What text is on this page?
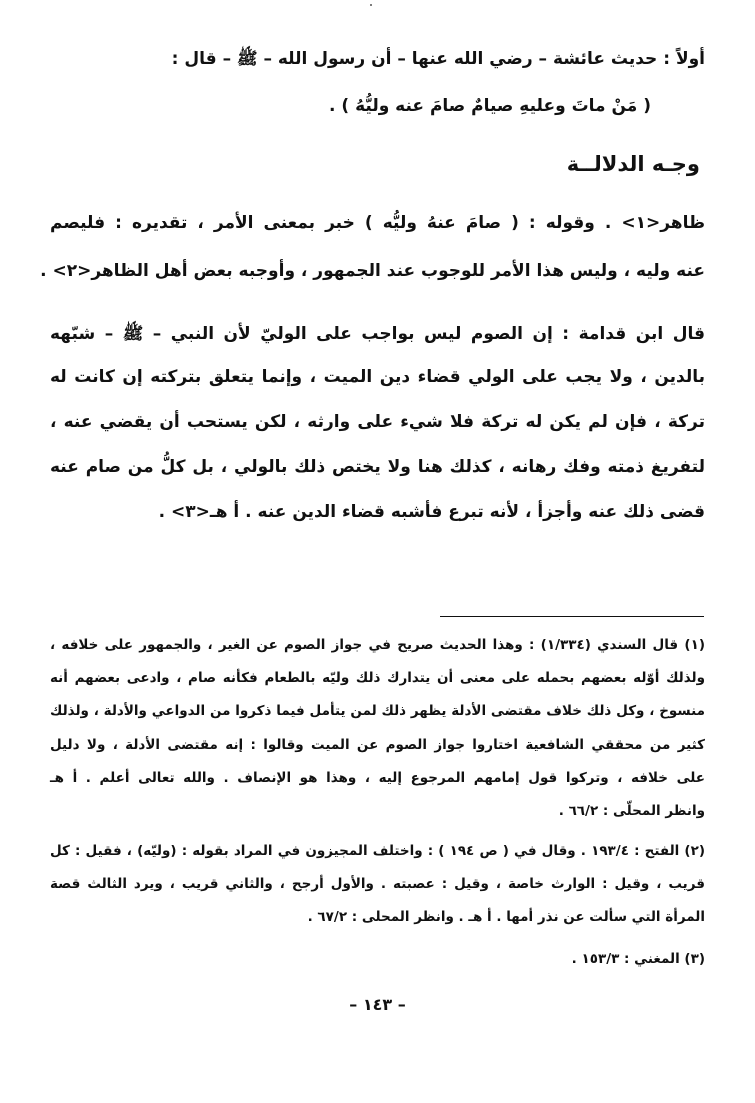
أولاً : حديث عائشة – رضي الله عنها – أن رسول الله – ﷺ – قال :
( مَنْ ماتَ وعليهِ صيامٌ صامَ عنه وليُّهُ ) .
وجـه الدلالــة
ظاهر<١> . وقوله : ( صامَ عنهُ وليُّه ) خبر بمعنى الأمر ، تقديره : فليصم
عنه وليه ، وليس هذا الأمر للوجوب عند الجمهور ، وأوجبه بعض أهل الظاهر<٢> .
قال ابن قدامة : إن الصوم ليس بواجب على الوليّ لأن النبي – ﷺ – شبّهه
بالدين ، ولا يجب على الولي قضاء دين الميت ، وإنما يتعلق بتركته إن كانت له
تركة ، فإن لم يكن له تركة فلا شيء على وارثه ، لكن يستحب أن يقضي عنه ،
لتفريغ ذمته وفك رهانه ، كذلك هنا ولا يختص ذلك بالولي ، بل كلُّ من صام عنه
قضى ذلك عنه وأجزأ ، لأنه تبرع فأشبه قضاء الدين عنه . أ هـ<٣> .
(١) قال السندي (١/٣٣٤) : وهذا الحديث صريح في جواز الصوم عن الغير ، والجمهور على خلافه ،
ولذلك أوّله بعضهم بحمله على معنى أن يتدارك ذلك وليّه بالطعام فكأنه صام ، وادعى بعضهم أنه
منسوخ ، وكل ذلك خلاف مقتضى الأدلة يظهر ذلك لمن يتأمل فيما ذكروا من الدواعي والأدلة ، ولذلك
كثير من محققي الشافعية اختاروا جواز الصوم عن الميت وقالوا : إنه مقتضى الأدلة ، ولا دليل
على خلافه ، وتركوا قول إمامهم المرجوع إليه ، وهذا هو الإنصاف . والله تعالى أعلم . أ هـ
وانظر المحلّى : ٦٦/٢ .
(٢) الفتح : ١٩٣/٤ . وقال في ( ص ١٩٤ ) : واختلف المجيزون في المراد بقوله : (وليّه) ، فقيل : كل
قريب ، وقيل : الوارث خاصة ، وقيل : عصبته . والأول أرجح ، والثاني قريب ، ويرد الثالث قصة
المرأة التي سألت عن نذر أمها . أ هـ . وانظر المحلى : ٦٧/٢ .
(٣) المغني : ١٥٣/٣ .
– ١٤٣ –
